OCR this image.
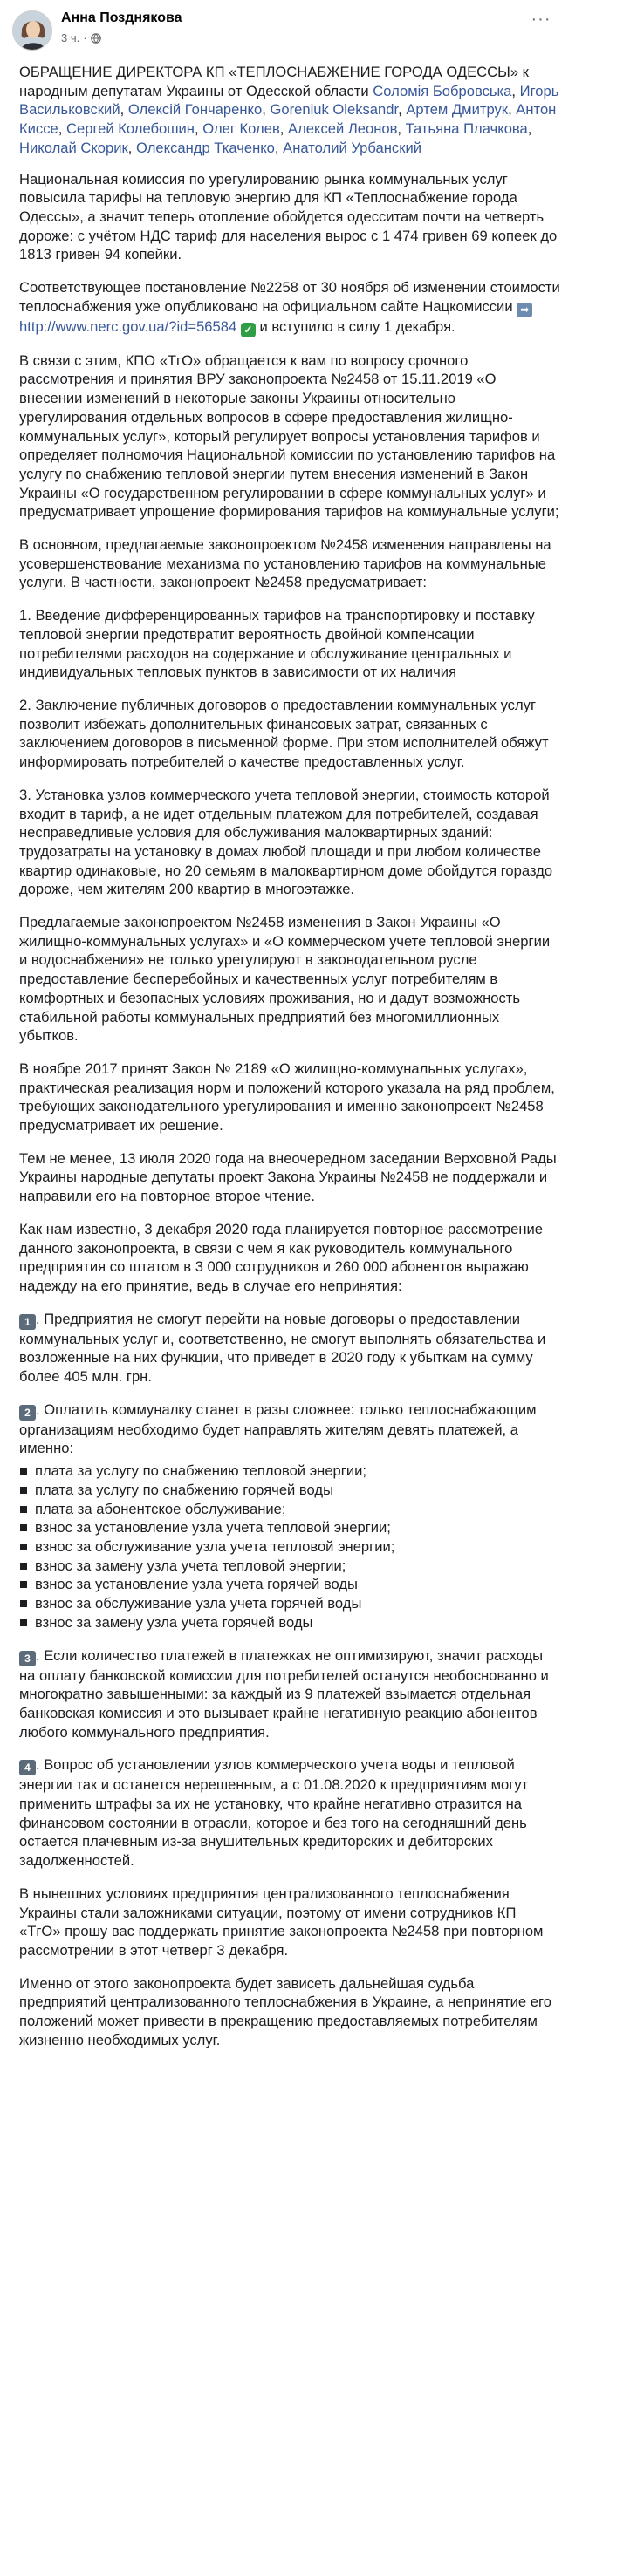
Анна Позднякова
3 ч. ·
···
ОБРАЩЕНИЕ ДИРЕКТОРА КП «ТЕПЛОСНАБЖЕНИЕ ГОРОДА ОДЕССЫ» к народным депутатам Украины от Одесской области Соломія Бобровська, Игорь Васильковский, Олексій Гончаренко, Goreniuk Oleksandr, Артем Дмитрук, Антон Киссе, Сергей Колебошин, Олег Колев, Алексей Леонов, Татьяна Плачкова, Николай Скорик, Олександр Ткаченко, Анатолий Урбанский
Национальная комиссия по урегулированию рынка коммунальных услуг повысила тарифы на тепловую энергию для КП «Теплоснабжение города Одессы», а значит теперь отопление обойдется одесситам почти на четверть дороже: с учётом НДС тариф для населения вырос с 1 474 гривен 69 копеек до 1813 гривен 94 копейки.
Соответствующее постановление №2258 от 30 ноября об изменении стоимости теплоснабжения уже опубликовано на официальном сайте Нацкомиссии ➡ http://www.nerc.gov.ua/?id=56584 ✓ и вступило в силу 1 декабря.
В связи с этим, КПО «ТгО» обращается к вам по вопросу срочного рассмотрения и принятия ВРУ законопроекта №2458 от 15.11.2019 «О внесении изменений в некоторые законы Украины относительно урегулирования отдельных вопросов в сфере предоставления жилищно-коммунальных услуг», который регулирует вопросы установления тарифов и определяет полномочия Национальной комиссии по установлению тарифов на услугу по снабжению тепловой энергии путем внесения изменений в Закон Украины «О государственном регулировании в сфере коммунальных услуг» и предусматривает упрощение формирования тарифов на коммунальные услуги;
В основном, предлагаемые законопроектом №2458 изменения направлены на усовершенствование механизма по установлению тарифов на коммунальные услуги. В частности, законопроект №2458 предусматривает:
1. Введение дифференцированных тарифов на транспортировку и поставку тепловой энергии предотвратит вероятность двойной компенсации потребителями расходов на содержание и обслуживание центральных и индивидуальных тепловых пунктов в зависимости от их наличия
2. Заключение публичных договоров о предоставлении коммунальных услуг позволит избежать дополнительных финансовых затрат, связанных с заключением договоров в письменной форме. При этом исполнителей обяжут информировать потребителей о качестве предоставленных услуг.
3. Установка узлов коммерческого учета тепловой энергии, стоимость которой входит в тариф, а не идет отдельным платежом для потребителей, создавая несправедливые условия для обслуживания малоквартирных зданий: трудозатраты на установку в домах любой площади и при любом количестве квартир одинаковые, но 20 семьям в малоквартирном доме обойдутся гораздо дороже, чем жителям 200 квартир в многоэтажке.
Предлагаемые законопроектом №2458 изменения в Закон Украины «О жилищно-коммунальных услугах» и «О коммерческом учете тепловой энергии и водоснабжения» не только урегулируют в законодательном русле предоставление бесперебойных и качественных услуг потребителям в комфортных и безопасных условиях проживания, но и дадут возможность стабильной работы коммунальных предприятий без многомиллионных убытков.
В ноябре 2017 принят Закон № 2189 «О жилищно-коммунальных услугах», практическая реализация норм и положений которого указала на ряд проблем, требующих законодательного урегулирования и именно законопроект №2458 предусматривает их решение.
Тем не менее, 13 июля 2020 года на внеочередном заседании Верховной Рады Украины народные депутаты проект Закона Украины №2458 не поддержали и направили его на повторное второе чтение.
Как нам известно, 3 декабря 2020 года планируется повторное рассмотрение данного законопроекта, в связи с чем я как руководитель коммунального предприятия со штатом в 3 000 сотрудников и 260 000 абонентов выражаю надежду на его принятие, ведь в случае его непринятия:
1 . Предприятия не смогут перейти на новые договоры о предоставлении коммунальных услуг и, соответственно, не смогут выполнять обязательства и возложенные на них функции, что приведет в 2020 году к убыткам на сумму более 405 млн. грн.
2 . Оплатить коммуналку станет в разы сложнее: только теплоснабжающим организациям необходимо будет направлять жителям девять платежей, а именно:
плата за услугу по снабжению тепловой энергии;
плата за услугу по снабжению горячей воды
плата за абонентское обслуживание;
взнос за установление узла учета тепловой энергии;
взнос за обслуживание узла учета тепловой энергии;
взнос за замену узла учета тепловой энергии;
взнос за установление узла учета горячей воды
взнос за обслуживание узла учета горячей воды
взнос за замену узла учета горячей воды
3 . Если количество платежей в платежках не оптимизируют, значит расходы на оплату банковской комиссии для потребителей останутся необоснованно и многократно завышенными: за каждый из 9 платежей взымается отдельная банковская комиссия и это вызывает крайне негативную реакцию абонентов любого коммунального предприятия.
4 . Вопрос об установлении узлов коммерческого учета воды и тепловой энергии так и останется нерешенным, а с 01.08.2020 к предприятиям могут применить штрафы за их не установку, что крайне негативно отразится на финансовом состоянии в отрасли, которое и без того на сегодняшний день остается плачевным из-за внушительных кредиторских и дебиторских задолженностей.
В нынешних условиях предприятия централизованного теплоснабжения Украины стали заложниками ситуации, поэтому от имени сотрудников КП «ТгО» прошу вас поддержать принятие законопроекта №2458 при повторном рассмотрении в этот четверг 3 декабря.
Именно от этого законопроекта будет зависеть дальнейшая судьба предприятий централизованного теплоснабжения в Украине, а непринятие его положений может привести в прекращению предоставляемых потребителям жизненно необходимых услуг.
